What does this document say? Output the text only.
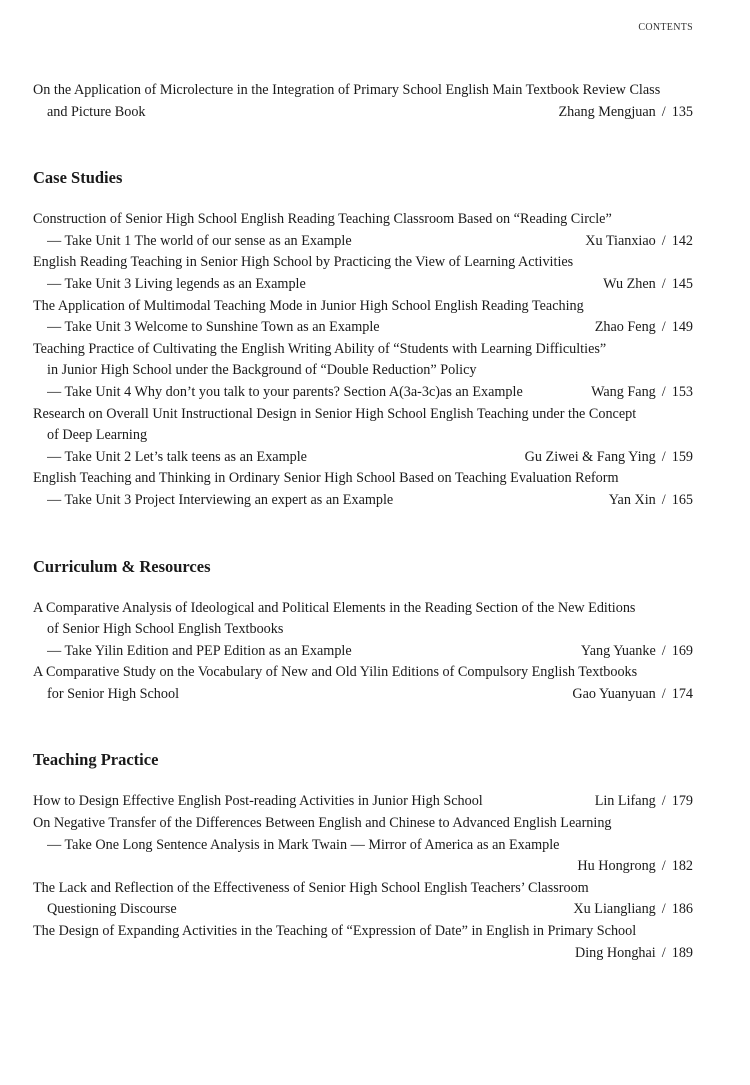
CONTENTS
On the Application of Microlecture in the Integration of Primary School English Main Textbook Review Class
and Picture Book	Zhang Mengjuan / 135
Case Studies
Construction of Senior High School English Reading Teaching Classroom Based on “Reading Circle”
— Take Unit 1 The world of our sense as an Example	Xu Tianxiao / 142
English Reading Teaching in Senior High School by Practicing the View of Learning Activities
— Take Unit 3 Living legends as an Example	Wu Zhen / 145
The Application of Multimodal Teaching Mode in Junior High School English Reading Teaching
— Take Unit 3 Welcome to Sunshine Town as an Example	Zhao Feng / 149
Teaching Practice of Cultivating the English Writing Ability of “Students with Learning Difficulties”
in Junior High School under the Background of “Double Reduction” Policy
— Take Unit 4 Why don’t you talk to your parents? Section A(3a-3c)as an Example	Wang Fang / 153
Research on Overall Unit Instructional Design in Senior High School English Teaching under the Concept
of Deep Learning
— Take Unit 2 Let’s talk teens as an Example	Gu Ziwei & Fang Ying / 159
English Teaching and Thinking in Ordinary Senior High School Based on Teaching Evaluation Reform
— Take Unit 3 Project Interviewing an expert as an Example	Yan Xin / 165
Curriculum & Resources
A Comparative Analysis of Ideological and Political Elements in the Reading Section of the New Editions
of Senior High School English Textbooks
— Take Yilin Edition and PEP Edition as an Example	Yang Yuanke / 169
A Comparative Study on the Vocabulary of New and Old Yilin Editions of Compulsory English Textbooks
for Senior High School	Gao Yuanyuan / 174
Teaching Practice
How to Design Effective English Post-reading Activities in Junior High School	Lin Lifang / 179
On Negative Transfer of the Differences Between English and Chinese to Advanced English Learning
— Take One Long Sentence Analysis in Mark Twain — Mirror of America as an Example
Hu Hongrong / 182
The Lack and Reflection of the Effectiveness of Senior High School English Teachers’ Classroom
Questioning Discourse	Xu Liangliang / 186
The Design of Expanding Activities in the Teaching of “Expression of Date” in English in Primary School
Ding Honghai / 189
